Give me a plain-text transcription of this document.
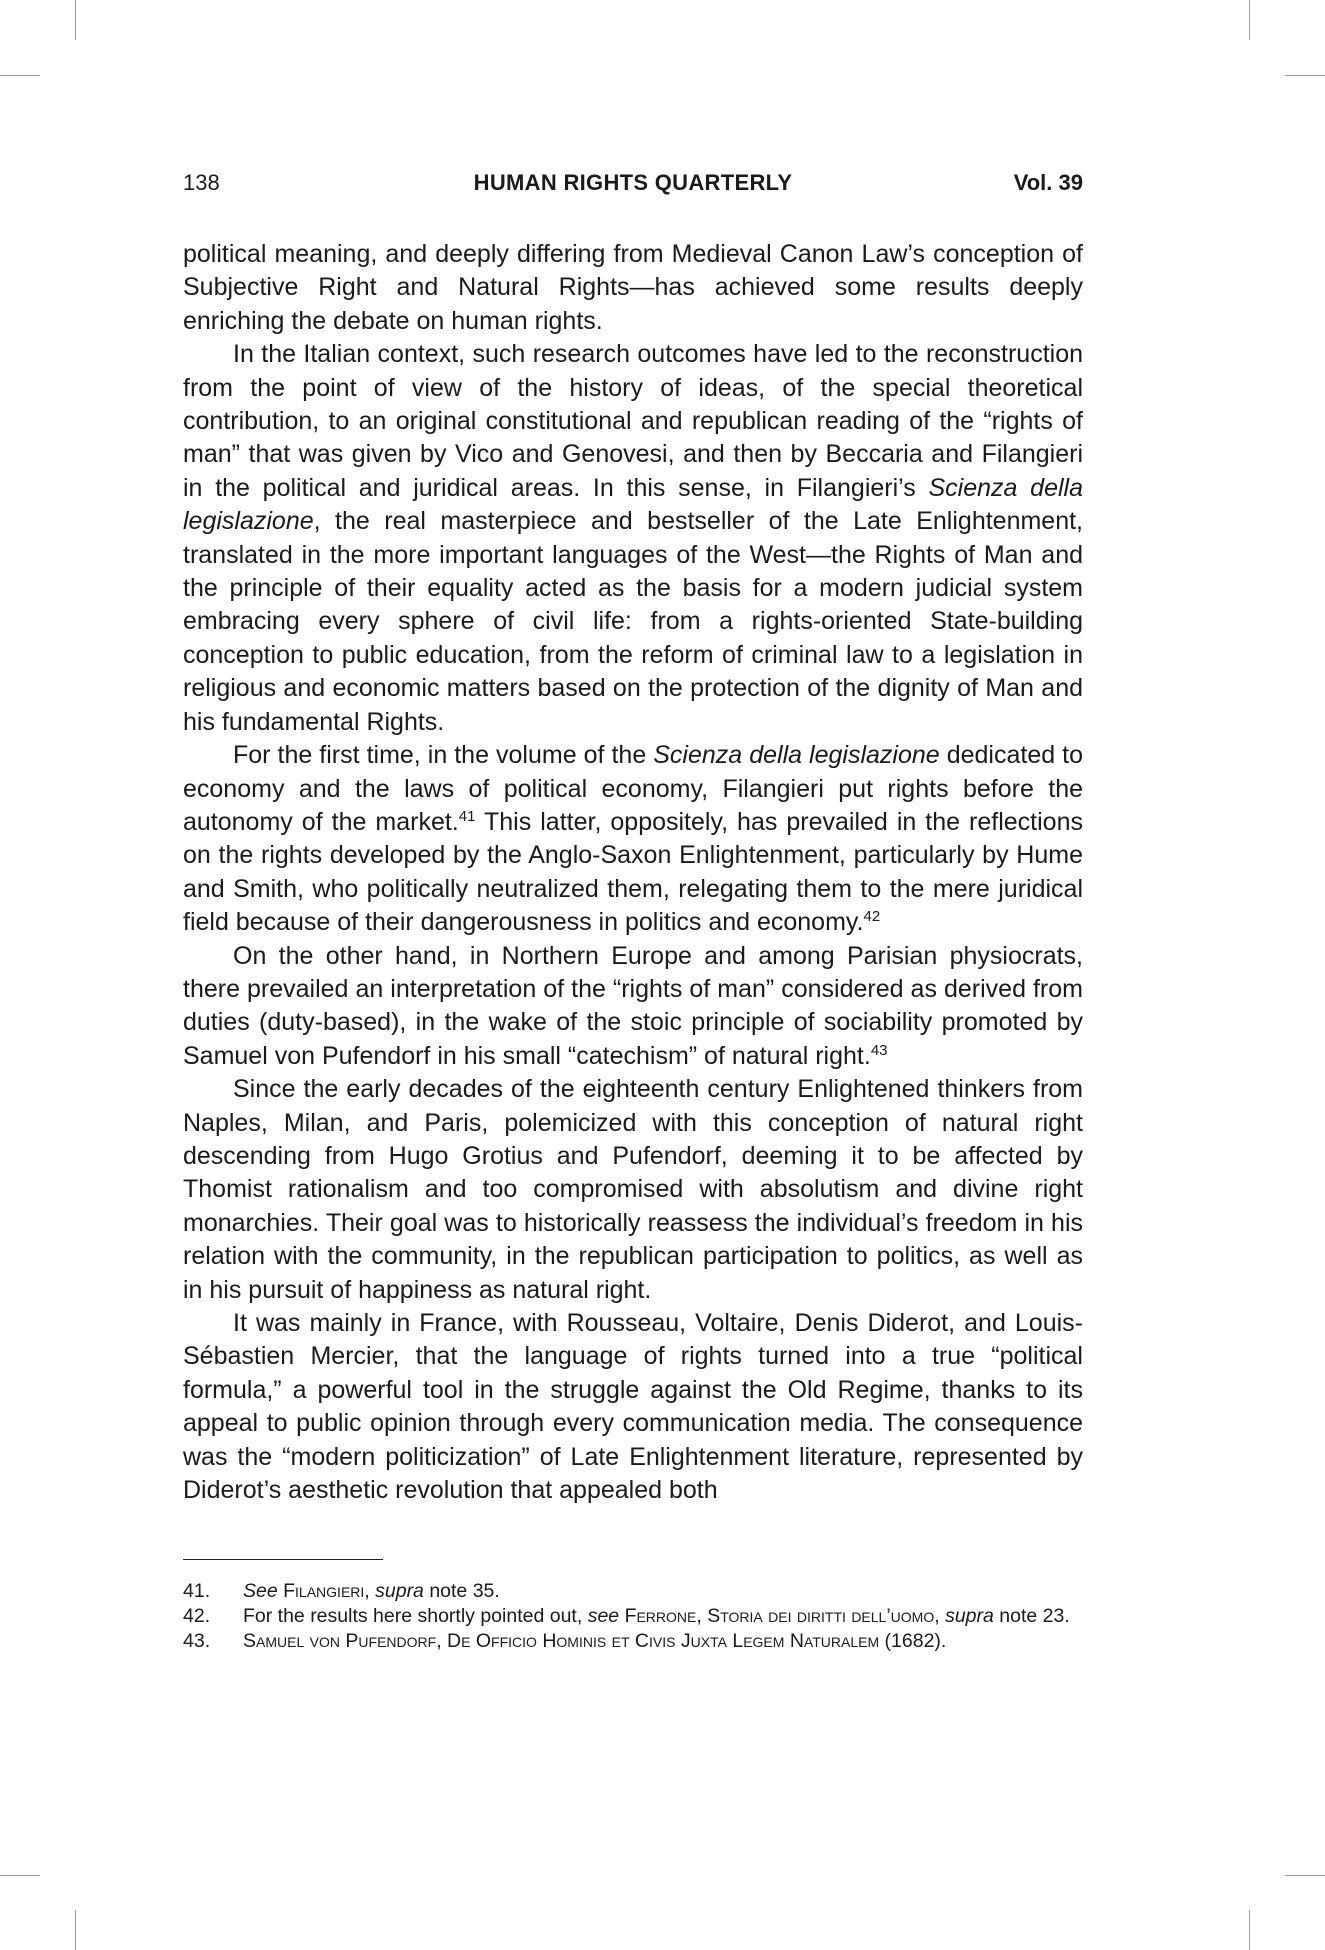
138	HUMAN RIGHTS QUARTERLY	Vol. 39

political meaning, and deeply differing from Medieval Canon Law’s conception of Subjective Right and Natural Rights—has achieved some results deeply enriching the debate on human rights.

In the Italian context, such research outcomes have led to the reconstruction from the point of view of the history of ideas, of the special theoretical contribution, to an original constitutional and republican reading of the “rights of man” that was given by Vico and Genovesi, and then by Beccaria and Filangieri in the political and juridical areas. In this sense, in Filangieri’s Scienza della legislazione, the real masterpiece and bestseller of the Late Enlightenment, translated in the more important languages of the West—the Rights of Man and the principle of their equality acted as the basis for a modern judicial system embracing every sphere of civil life: from a rights-oriented State-building conception to public education, from the reform of criminal law to a legislation in religious and economic matters based on the protection of the dignity of Man and his fundamental Rights.

For the first time, in the volume of the Scienza della legislazione dedicated to economy and the laws of political economy, Filangieri put rights before the autonomy of the market.$^{41}$ This latter, oppositely, has prevailed in the reflections on the rights developed by the Anglo-Saxon Enlightenment, particularly by Hume and Smith, who politically neutralized them, relegating them to the mere juridical field because of their dangerousness in politics and economy.$^{42}$

On the other hand, in Northern Europe and among Parisian physiocrats, there prevailed an interpretation of the “rights of man” considered as derived from duties (duty-based), in the wake of the stoic principle of sociability promoted by Samuel von Pufendorf in his small “catechism” of natural right.$^{43}$

Since the early decades of the eighteenth century Enlightened thinkers from Naples, Milan, and Paris, polemicized with this conception of natural right descending from Hugo Grotius and Pufendorf, deeming it to be affected by Thomist rationalism and too compromised with absolutism and divine right monarchies. Their goal was to historically reassess the individual’s freedom in his relation with the community, in the republican participation to politics, as well as in his pursuit of happiness as natural right.

It was mainly in France, with Rousseau, Voltaire, Denis Diderot, and Louis-Sébastien Mercier, that the language of rights turned into a true “political formula,” a powerful tool in the struggle against the Old Regime, thanks to its appeal to public opinion through every communication media. The consequence was the “modern politicization” of Late Enlightenment literature, represented by Diderot’s aesthetic revolution that appealed both

41. See Filangieri, supra note 35.
42. For the results here shortly pointed out, see Ferrone, Storia dei diritti dell’uomo, supra note 23.
43. Samuel von Pufendorf, De Officio Hominis et Civis Juxta Legem Naturalem (1682).
